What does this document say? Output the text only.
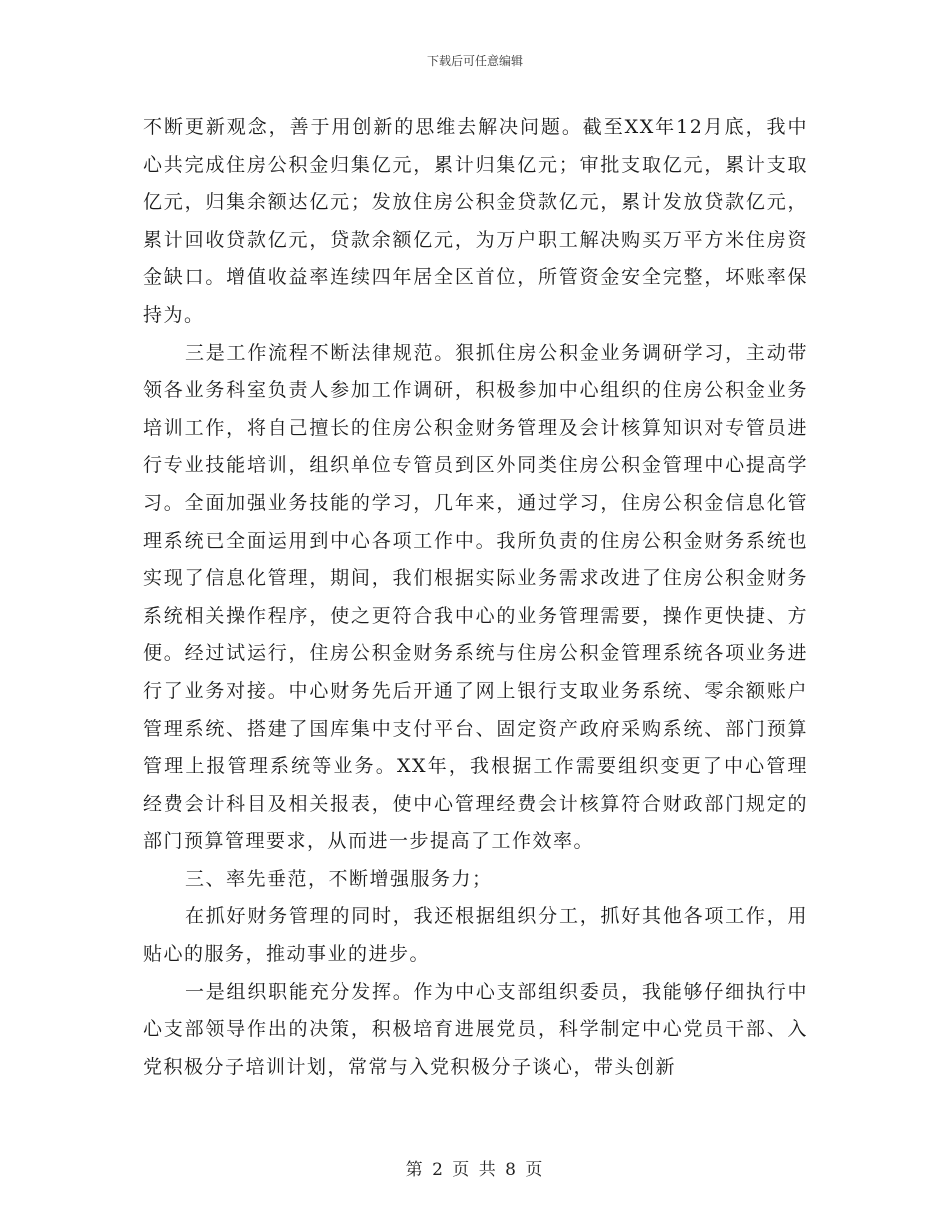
下载后可任意编辑

不断更新观念，善于用创新的思维去解决问题。截至XX年12月底，我中心共完成住房公积金归集亿元，累计归集亿元；审批支取亿元，累计支取亿元，归集余额达亿元；发放住房公积金贷款亿元，累计发放贷款亿元，累计回收贷款亿元，贷款余额亿元，为万户职工解决购买万平方米住房资金缺口。增值收益率连续四年居全区首位，所管资金安全完整，坏账率保持为。

三是工作流程不断法律规范。狠抓住房公积金业务调研学习，主动带领各业务科室负责人参加工作调研，积极参加中心组织的住房公积金业务培训工作，将自己擅长的住房公积金财务管理及会计核算知识对专管员进行专业技能培训，组织单位专管员到区外同类住房公积金管理中心提高学习。全面加强业务技能的学习，几年来，通过学习，住房公积金信息化管理系统已全面运用到中心各项工作中。我所负责的住房公积金财务系统也实现了信息化管理，期间，我们根据实际业务需求改进了住房公积金财务系统相关操作程序，使之更符合我中心的业务管理需要，操作更快捷、方便。经过试运行，住房公积金财务系统与住房公积金管理系统各项业务进行了业务对接。中心财务先后开通了网上银行支取业务系统、零余额账户管理系统、搭建了国库集中支付平台、固定资产政府采购系统、部门预算管理上报管理系统等业务。XX年，我根据工作需要组织变更了中心管理经费会计科目及相关报表，使中心管理经费会计核算符合财政部门规定的部门预算管理要求，从而进一步提高了工作效率。

三、率先垂范，不断增强服务力；

在抓好财务管理的同时，我还根据组织分工，抓好其他各项工作，用贴心的服务，推动事业的进步。

一是组织职能充分发挥。作为中心支部组织委员，我能够仔细执行中心支部领导作出的决策，积极培育进展党员，科学制定中心党员干部、入党积极分子培训计划，常常与入党积极分子谈心，带头创新

第 2 页 共 8 页
